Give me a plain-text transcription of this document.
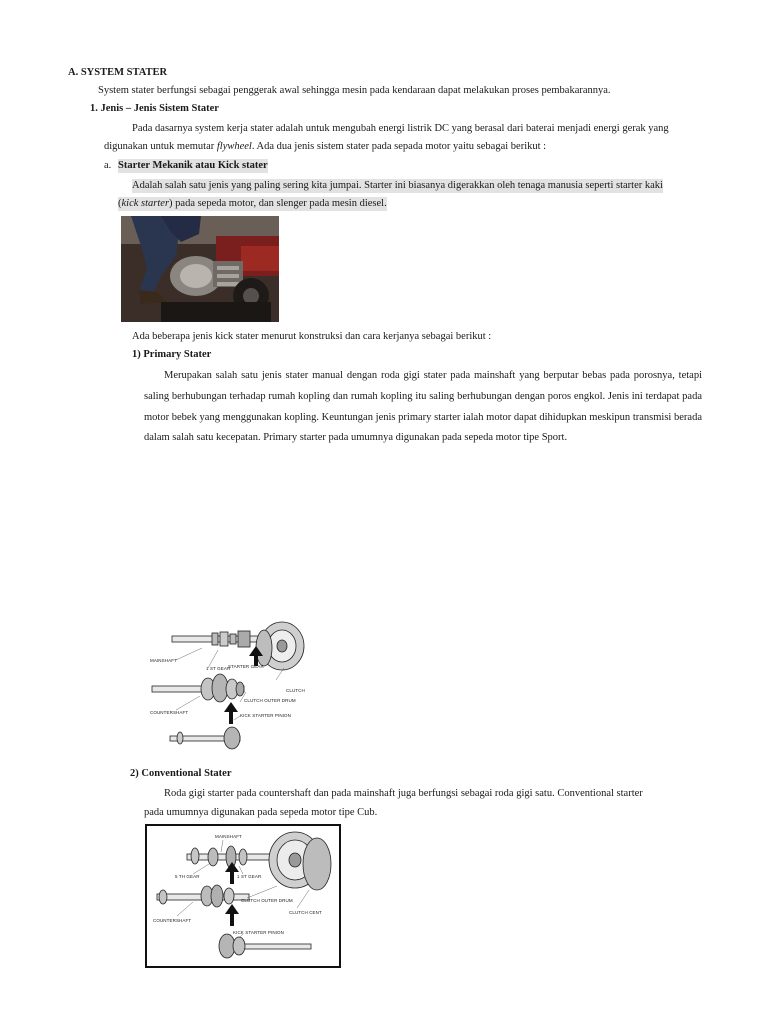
A. SYSTEM STATER
System stater berfungsi sebagai penggerak awal sehingga mesin pada kendaraan dapat melakukan proses pembakarannya.
1. Jenis – Jenis Sistem Stater
Pada dasarnya system kerja stater adalah untuk mengubah energi listrik DC yang berasal dari baterai menjadi energi gerak yang
digunakan untuk memutar flywheel. Ada dua jenis sistem stater pada sepada motor yaitu sebagai berikut :
a. Starter Mekanik atau Kick stater
Adalah salah satu jenis yang paling sering kita jumpai. Starter ini biasanya digerakkan oleh tenaga manusia seperti starter kaki
(kick starter) pada sepeda motor, dan slenger pada mesin diesel.
Ada beberapa jenis kick stater menurut konstruksi dan cara kerjanya sebagai berikut :
1) Primary Stater
Merupakan salah satu jenis stater manual dengan roda gigi stater pada mainshaft yang berputar bebas pada porosnya, tetapi saling berhubungan terhadap rumah kopling dan rumah kopling itu saling berhubungan dengan poros engkol. Jenis ini terdapat pada motor bebek yang menggunakan kopling. Keuntungan jenis primary starter ialah motor dapat dihidupkan meskipun transmisi berada dalam salah satu kecepatan. Primary starter pada umumnya digunakan pada sepeda motor tipe Sport.
MAINSHAFT
1 ST GEAR
STARTER GEAR
CLUTCH
CLUTCH OUTER DRUM
COUNTERSHAFT
KICK STARTER PINION
2) Conventional Stater
Roda gigi starter pada countershaft dan pada mainshaft juga berfungsi sebagai roda gigi satu. Conventional starter
pada umumnya digunakan pada sepeda motor tipe Cub.
MAINSHAFT
5 TH GEAR	1 ST GEAR
CLUTCH OUTER DRUM
CLUTCH CENT
COUNTERSHAFT
KICK STARTER PINION
